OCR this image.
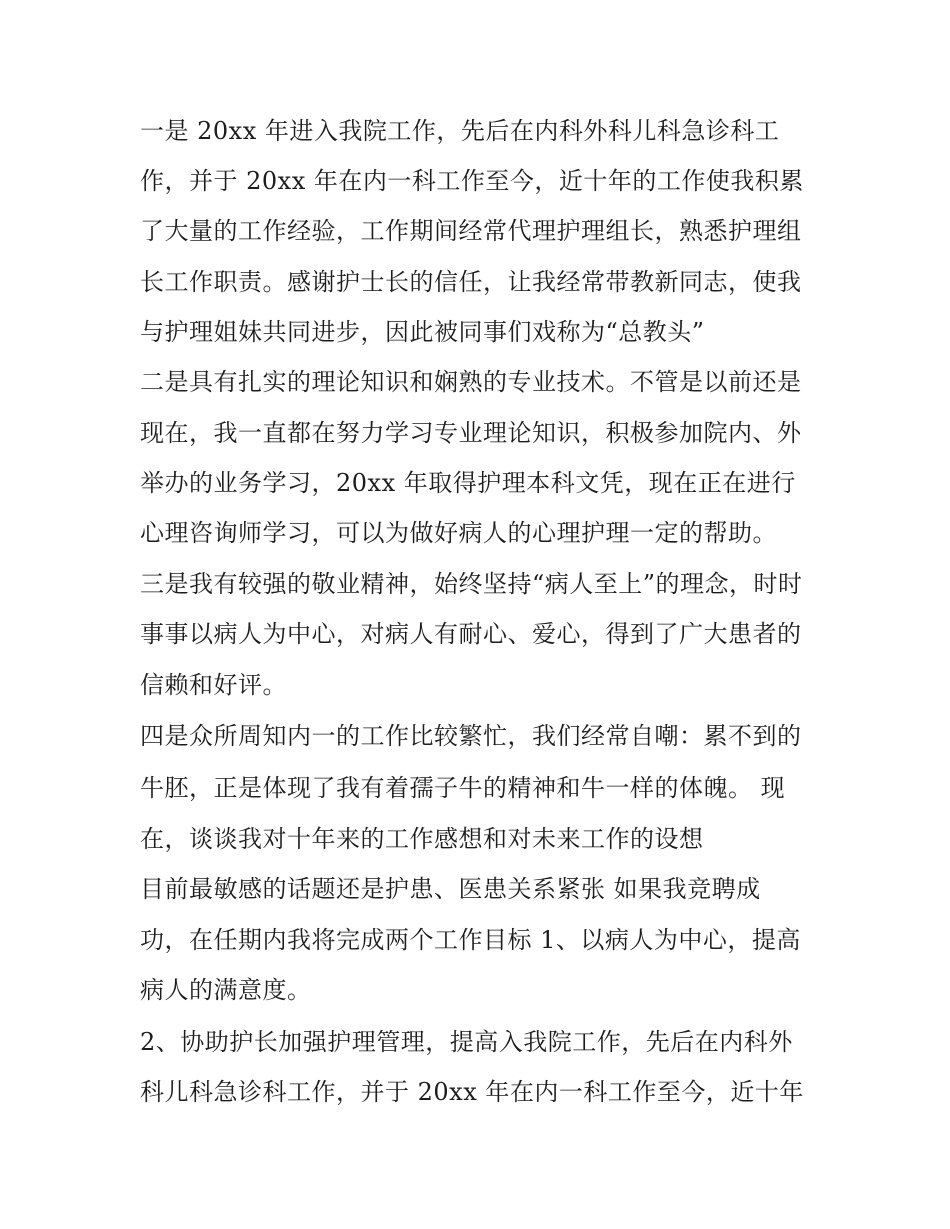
一是 20xx 年进入我院工作，先后在内科外科儿科急诊科工
作，并于 20xx 年在内一科工作至今，近十年的工作使我积累
了大量的工作经验，工作期间经常代理护理组长，熟悉护理组
长工作职责。感谢护士长的信任，让我经常带教新同志，使我
与护理姐妹共同进步，因此被同事们戏称为“总教头”
二是具有扎实的理论知识和娴熟的专业技术。不管是以前还是
现在，我一直都在努力学习专业理论知识，积极参加院内、外
举办的业务学习，20xx 年取得护理本科文凭，现在正在进行
心理咨询师学习，可以为做好病人的心理护理一定的帮助。
三是我有较强的敬业精神，始终坚持“病人至上”的理念，时时
事事以病人为中心，对病人有耐心、爱心，得到了广大患者的
信赖和好评。
四是众所周知内一的工作比较繁忙，我们经常自嘲：累不到的
牛胚，正是体现了我有着孺子牛的精神和牛一样的体魄。 现
在，谈谈我对十年来的工作感想和对未来工作的设想
目前最敏感的话题还是护患、医患关系紧张 如果我竞聘成
功，在任期内我将完成两个工作目标 1、以病人为中心，提高
病人的满意度。
2、协助护长加强护理管理，提高入我院工作，先后在内科外
科儿科急诊科工作，并于 20xx 年在内一科工作至今，近十年
